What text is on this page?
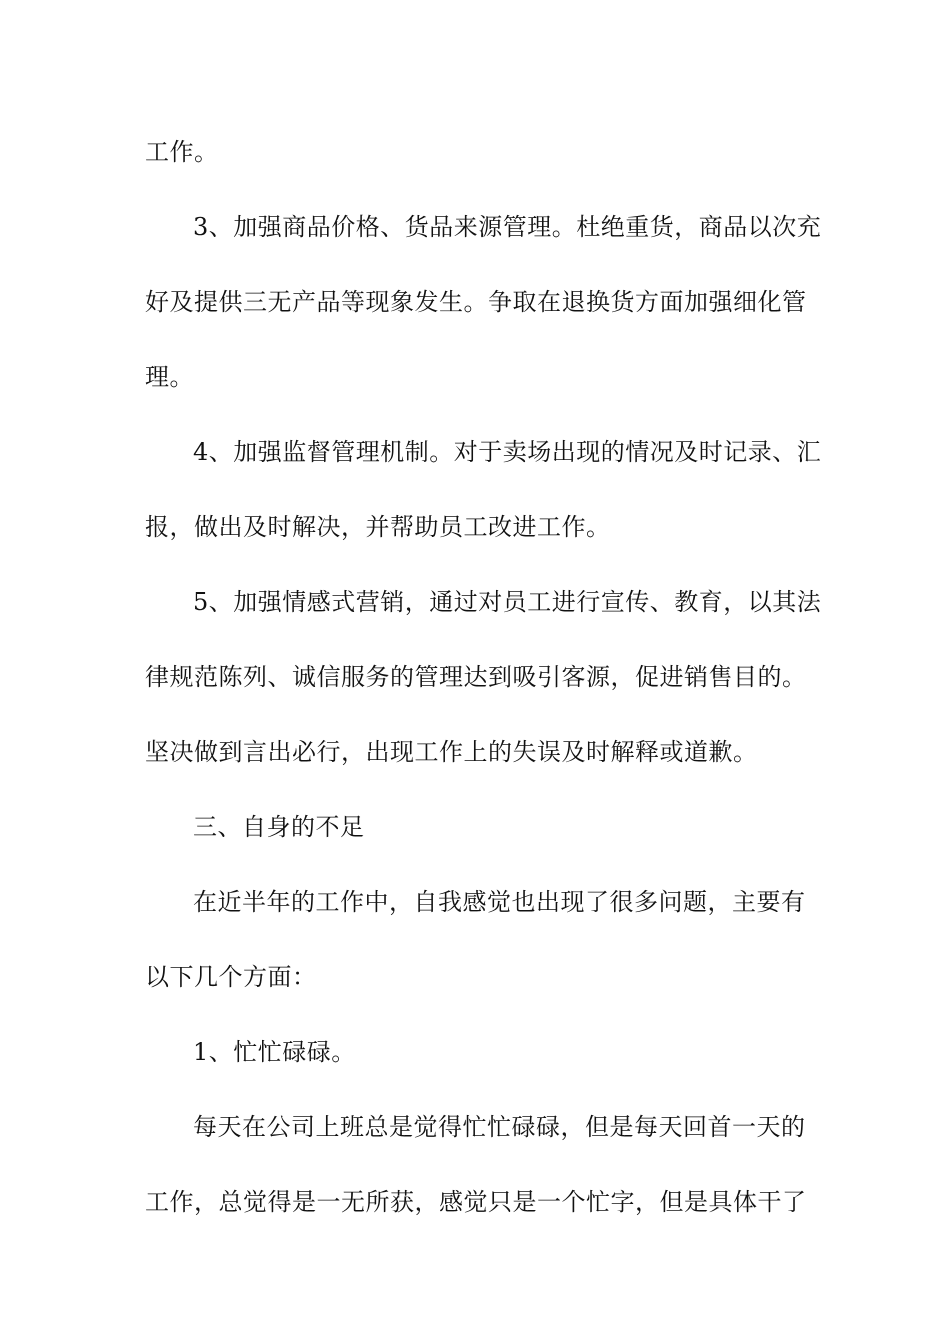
工作。
3、加强商品价格、货品来源管理。杜绝重货，商品以次充
好及提供三无产品等现象发生。争取在退换货方面加强细化管
理。
4、加强监督管理机制。对于卖场出现的情况及时记录、汇
报，做出及时解决，并帮助员工改进工作。
5、加强情感式营销，通过对员工进行宣传、教育，以其法
律规范陈列、诚信服务的管理达到吸引客源，促进销售目的。
坚决做到言出必行，出现工作上的失误及时解释或道歉。
三、自身的不足
在近半年的工作中，自我感觉也出现了很多问题，主要有
以下几个方面：
1、忙忙碌碌。
每天在公司上班总是觉得忙忙碌碌，但是每天回首一天的
工作，总觉得是一无所获，感觉只是一个忙字，但是具体干了
